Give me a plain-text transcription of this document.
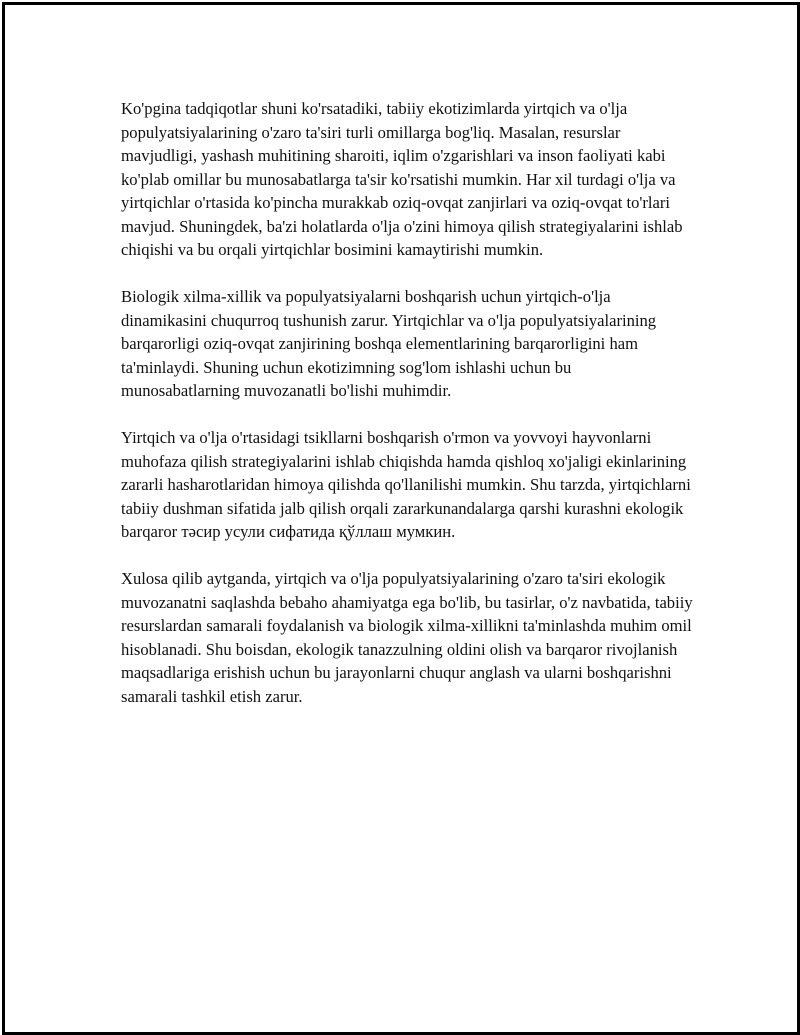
Ko'pgina tadqiqotlar shuni ko'rsatadiki, tabiiy ekotizimlarda yirtqich va o'lja populyatsiyalarining o'zaro ta'siri turli omillarga bog'liq. Masalan, resurslar mavjudligi, yashash muhitining sharoiti, iqlim o'zgarishlari va inson faoliyati kabi ko'plab omillar bu munosabatlarga ta'sir ko'rsatishi mumkin. Har xil turdagi o'lja va yirtqichlar o'rtasida ko'pincha murakkab oziq-ovqat zanjirlari va oziq-ovqat to'rlari mavjud. Shuningdek, ba'zi holatlarda o'lja o'zini himoya qilish strategiyalarini ishlab chiqishi va bu orqali yirtqichlar bosimini kamaytirishi mumkin.

Biologik xilma-xillik va populyatsiyalarni boshqarish uchun yirtqich-o'lja dinamikasini chuqurroq tushunish zarur. Yirtqichlar va o'lja populyatsiyalarining barqarorligi oziq-ovqat zanjirining boshqa elementlarining barqarorligini ham ta'minlaydi. Shuning uchun ekotizimning sog'lom ishlashi uchun bu munosabatlarning muvozanatli bo'lishi muhimdir.

Yirtqich va o'lja o'rtasidagi tsikllarni boshqarish o'rmon va yovvoyi hayvonlarni muhofaza qilish strategiyalarini ishlab chiqishda hamda qishloq xo'jaligi ekinlarining zararli hasharotlaridan himoya qilishda qo'llanilishi mumkin. Shu tarzda, yirtqichlarni tabiiy dushman sifatida jalb qilish orqali zararkunandalarga qarshi kurashni ekologik barqaror тәсир усули сифатида қўллаш мумкин.

Xulosa qilib aytganda, yirtqich va o'lja populyatsiyalarining o'zaro ta'siri ekologik muvozanatni saqlashda bebaho ahamiyatga ega bo'lib, bu tasirlar, o'z navbatida, tabiiy resurslardan samarali foydalanish va biologik xilma-xillikni ta'minlashda muhim omil hisoblanadi. Shu boisdan, ekologik tanazzulning oldini olish va barqaror rivojlanish maqsadlariga erishish uchun bu jarayonlarni chuqur anglash va ularni boshqarishni samarali tashkil etish zarur.
